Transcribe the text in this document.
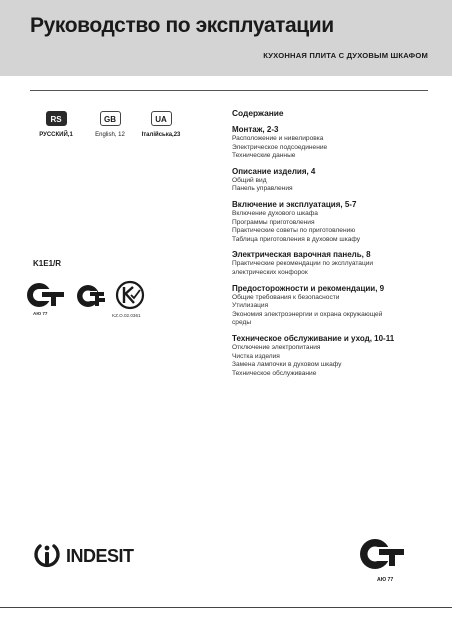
Руководство по эксплуатации
КУХОННАЯ ПЛИТА С ДУХОВЫМ ШКАФОМ
RS
РУССКИЙ,1
GB
English, 12
UA
Італiйська,23
K1E1/R
АЮ 77	KZ.O.02.0361
Содержание
Монтаж, 2-3
Расположение и нивелировка
Электрическое подсоединение
Технические данные
Описание изделия, 4
Общий вид
Панель управления
Включение и эксплуатация, 5-7
Включение духового шкафа
Программы приготовления
Практические советы по приготовлению
Таблица приготовления в духовом шкафу
Электрическая варочная панель, 8
Практические рекомендации по эксплуатации
электрических конфорок
Предосторожности и рекомендации, 9
Общие требования к безопасности
Утилизация
Экономия электроэнергии и охрана окружающей
среды
Техническое обслуживание и уход, 10-11
Отключение электропитания
Чистка изделия
Замена лампочки в духовом шкафу
Техническое обслуживание
INDESIT
АЮ 77
